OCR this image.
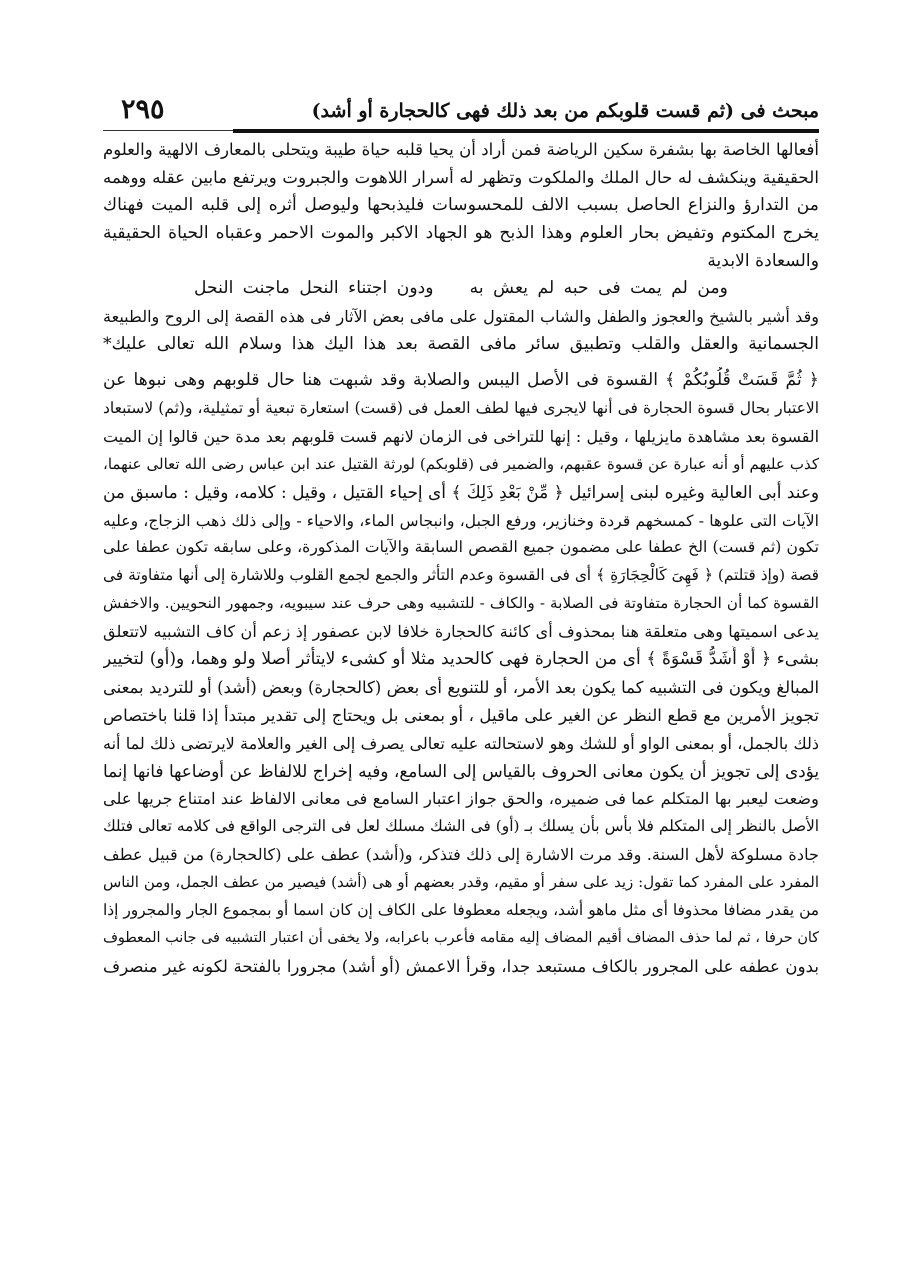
مبحث فى (ثم قست قلوبكم من بعد ذلك فهى كالحجارة أو أشد)
٢٩٥
أفعالها الخاصة بها بشفرة سكين الرياضة فمن أراد أن يحيا قلبه حياة طيبة ويتحلى بالمعارف الالهية والعلوم
الحقيقية وينكشف له حال الملك والملكوت وتظهر له أسرار اللاهوت والجبروت ويرتفع مابين عقله ووهمه
من التدارؤ والنزاع الحاصل بسبب الالف للمحسوسات فليذبحها وليوصل أثره إلى قلبه الميت فهناك
يخرج المكتوم وتفيض بحار العلوم وهذا الذبح هو الجهاد الاكبر والموت الاحمر وعقباه الحياة الحقيقية
والسعادة الابدية
ومن لم يمت فى حبه لم يعش بهودون اجتناء النحل ماجنت النحل
وقد أشير بالشيخ والعجوز والطفل والشاب المقتول على مافى بعض الآثار فى هذه القصة إلى الروح والطبيعة
الجسمانية والعقل والقلب وتطبيق سائر مافى القصة بعد هذا اليك هذا وسلام الله تعالى عليك*
﴿ ثُمَّ قَسَتْ قُلُوبُكُمْ ﴾ القسوة فى الأصل اليبس والصلابة وقد شبهت هنا حال قلوبهم وهى نبوها عن
الاعتبار بحال قسوة الحجارة فى أنها لايجرى فيها لطف العمل فى (قست) استعارة تبعية أو تمثيلية، و(ثم) لاستبعاد
القسوة بعد مشاهدة مايزيلها ، وقيل : إنها للتراخى فى الزمان لانهم قست قلوبهم بعد مدة حين قالوا إن الميت
كذب عليهم أو أنه عبارة عن قسوة عقبهم، والضمير فى (قلوبكم) لورثة القتيل عند ابن عباس رضى الله تعالى عنهما،
وعند أبى العالية وغيره لبنى إسرائيل ﴿ مِّنْ بَعْدِ ذَلِكَ ﴾ أى إحياء القتيل ، وقيل : كلامه، وقيل : ماسبق من
الآيات التى علوها - كمسخهم قردة وخنازير، ورفع الجبل، وانبجاس الماء، والاحياء - وإلى ذلك ذهب الزجاج، وعليه
تكون (ثم قست) الخ عطفا على مضمون جميع القصص السابقة والآيات المذكورة، وعلى سابقه تكون عطفا على
قصة (وإذ قتلتم) ﴿ فَهِىَ كَالْحِجَارَةِ ﴾ أى فى القسوة وعدم التأثر والجمع لجمع القلوب وللاشارة إلى أنها متفاوتة فى
القسوة كما أن الحجارة متفاوتة فى الصلابة - والكاف - للتشبيه وهى حرف عند سيبويه، وجمهور النحويين. والاخفش
يدعى اسميتها وهى متعلقة هنا بمحذوف أى كائنة كالحجارة خلافا لابن عصفور إذ زعم أن كاف التشبيه لاتتعلق
بشىء ﴿ أَوْ أَشَدُّ قَسْوَةً ﴾ أى من الحجارة فهى كالحديد مثلا أو كشىء لايتأثر أصلا ولو وهما، و(أو) لتخيير
المبالغ ويكون فى التشبيه كما يكون بعد الأمر، أو للتنويع أى بعض (كالحجارة) وبعض (أشد) أو للترديد بمعنى
تجويز الأمرين مع قطع النظر عن الغير على ماقيل ، أو بمعنى بل ويحتاج إلى تقدير مبتدأ إذا قلنا باختصاص
ذلك بالجمل، أو بمعنى الواو أو للشك وهو لاستحالته عليه تعالى يصرف إلى الغير والعلامة لايرتضى ذلك لما أنه
يؤدى إلى تجويز أن يكون معانى الحروف بالقياس إلى السامع، وفيه إخراج للالفاظ عن أوضاعها فانها إنما
وضعت ليعبر بها المتكلم عما فى ضميره، والحق جواز اعتبار السامع فى معانى الالفاظ عند امتناع جريها على
الأصل بالنظر إلى المتكلم فلا بأس بأن يسلك بـ (أو) فى الشك مسلك لعل فى الترجى الواقع فى كلامه تعالى فتلك
جادة مسلوكة لأهل السنة. وقد مرت الاشارة إلى ذلك فتذكر، و(أشد) عطف على (كالحجارة) من قبيل عطف
المفرد على المفرد كما تقول: زيد على سفر أو مقيم، وقدر بعضهم أو هى (أشد) فيصير من عطف الجمل، ومن الناس
من يقدر مضافا محذوفا أى مثل ماهو أشد، ويجعله معطوفا على الكاف إن كان اسما أو بمجموع الجار والمجرور إذا
كان حرفا ، ثم لما حذف المضاف أقيم المضاف إليه مقامه فأعرب باعرابه، ولا يخفى أن اعتبار التشبيه فى جانب المعطوف
بدون عطفه على المجرور بالكاف مستبعد جدا، وقرأ الاعمش (أو أشد) مجرورا بالفتحة لكونه غير منصرف
